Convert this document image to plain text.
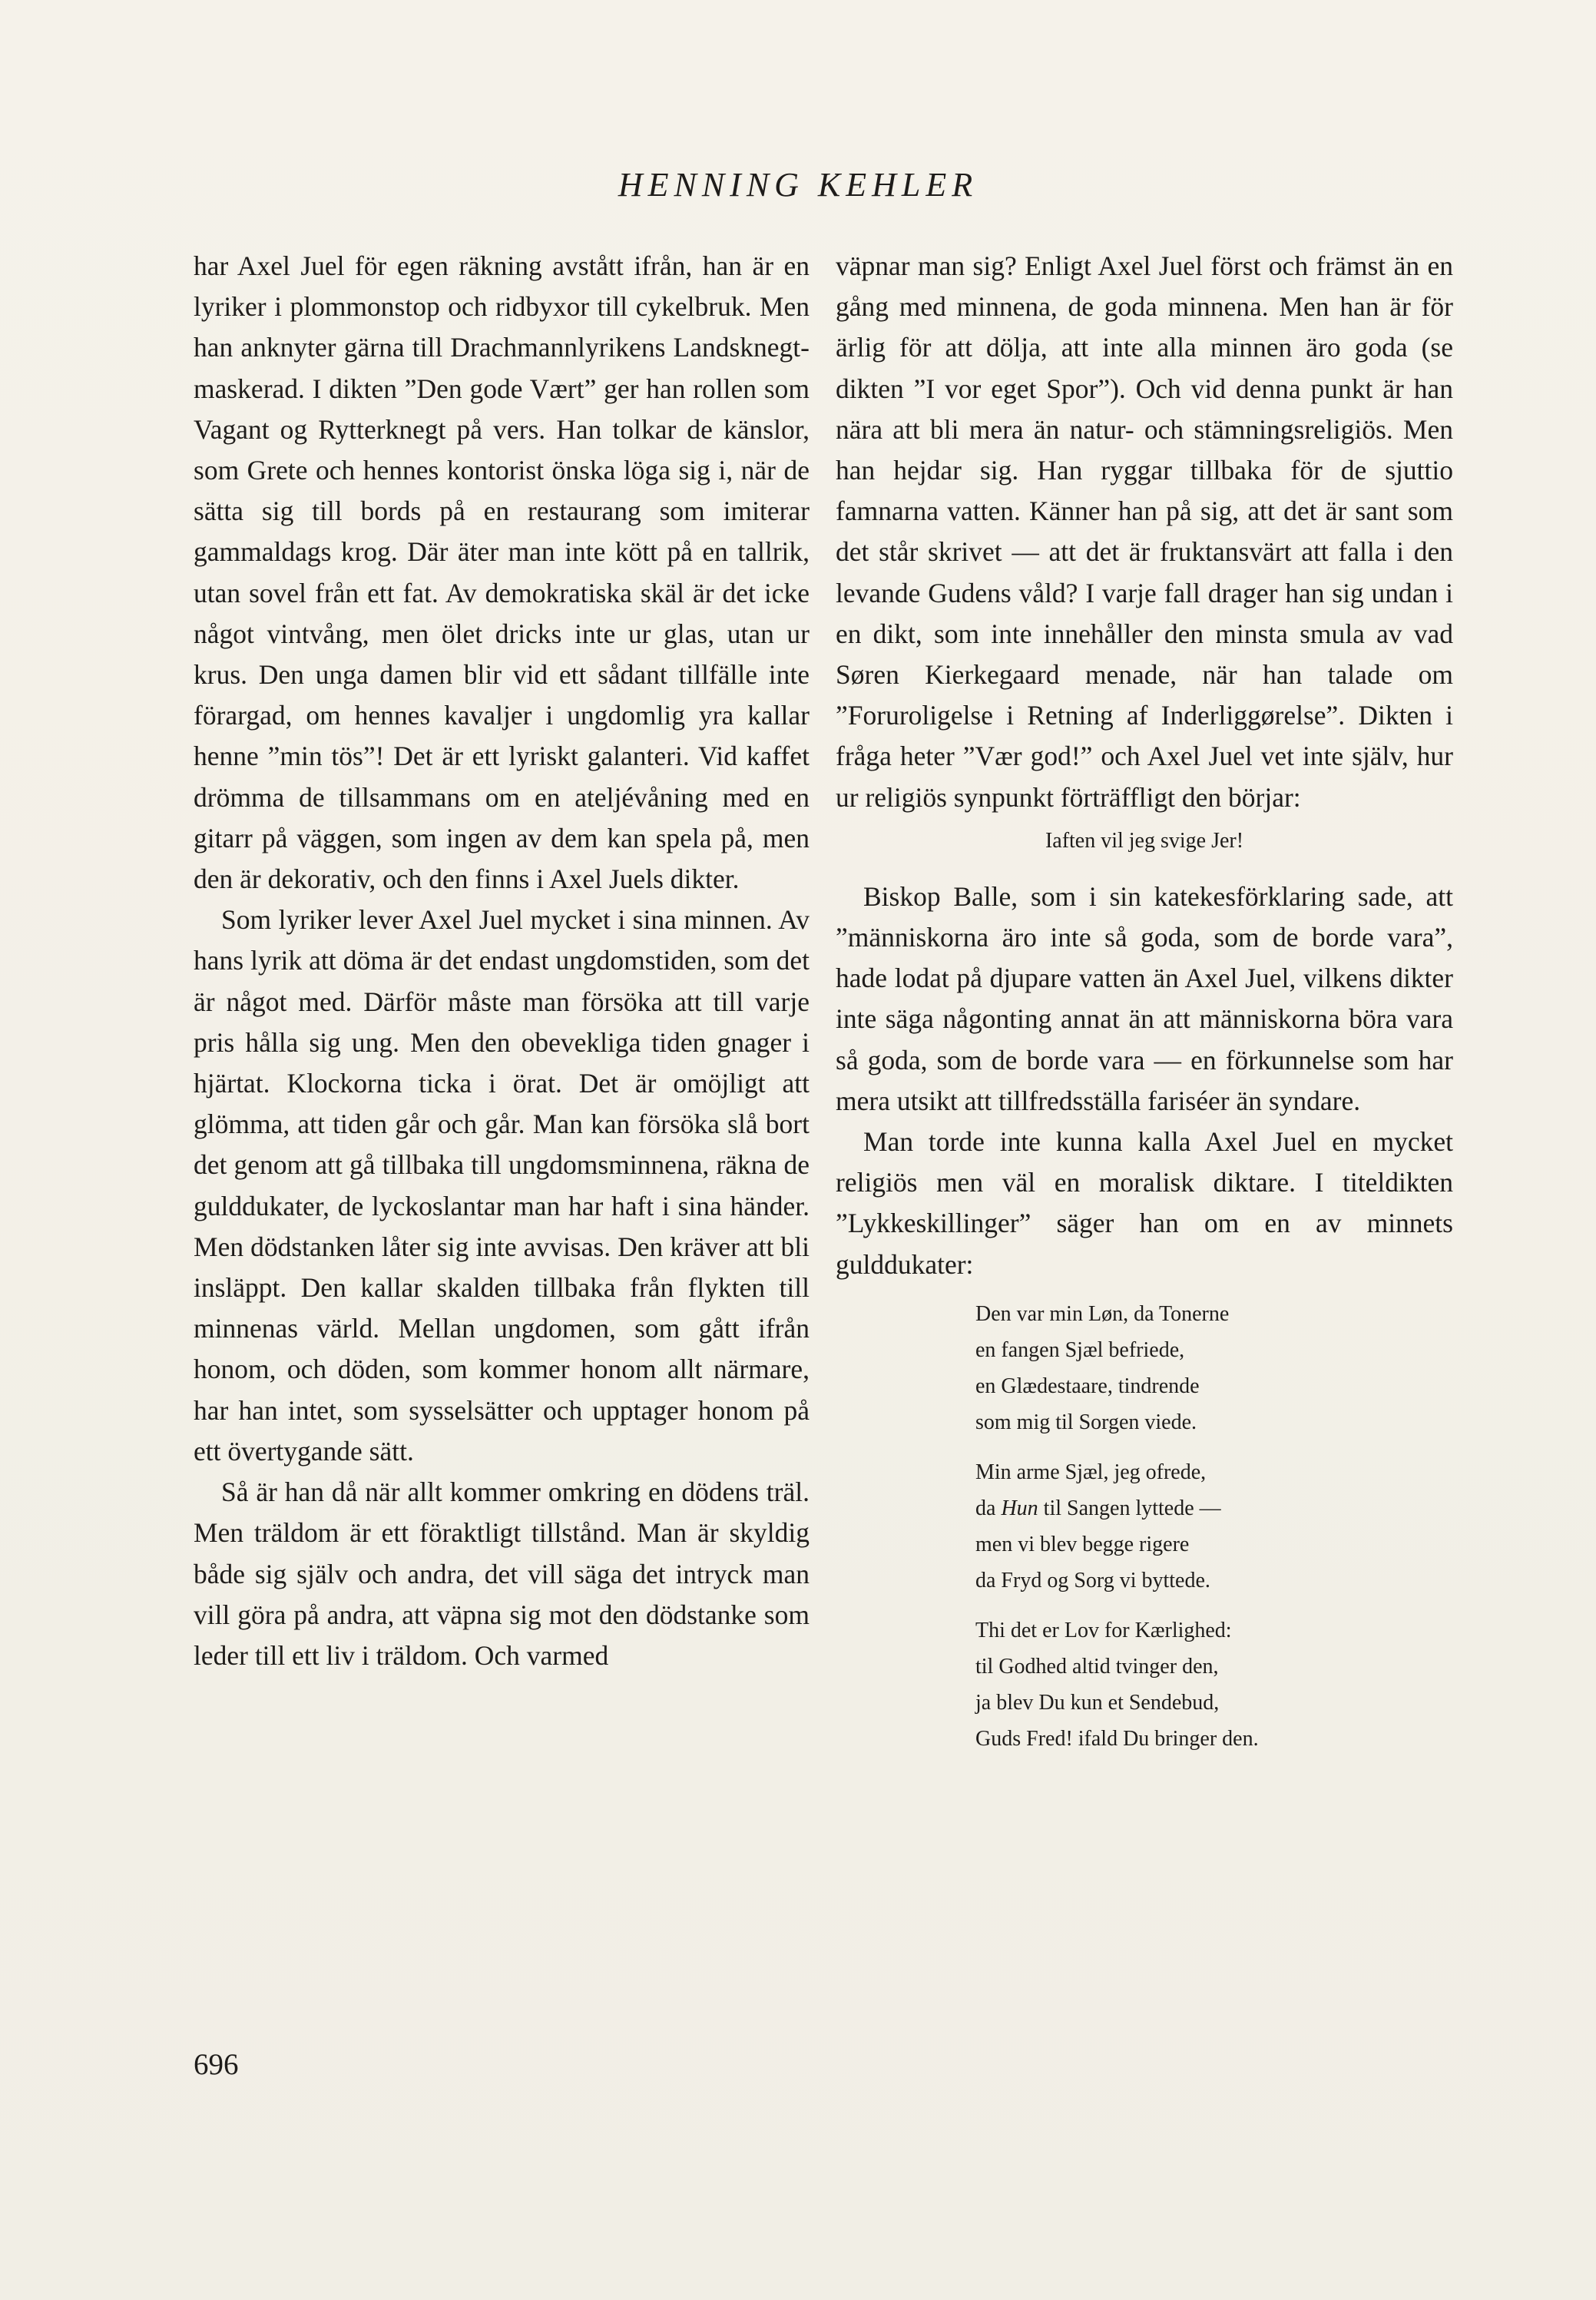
HENNING KEHLER

har Axel Juel för egen räkning avstått ifrån, han är en lyriker i plommonstop och ridbyxor till cykelbruk. Men han anknyter gärna till Drachmannlyrikens Landsknegt-maskerad. I dikten ”Den gode Vært” ger han rollen som Vagant og Rytterknegt på vers. Han tolkar de känslor, som Grete och hennes kontorist önska löga sig i, när de sätta sig till bords på en restaurang som imiterar gammaldags krog. Där äter man inte kött på en tallrik, utan sovel från ett fat. Av demokratiska skäl är det icke något vintvång, men ölet dricks inte ur glas, utan ur krus. Den unga damen blir vid ett sådant tillfälle inte förargad, om hennes kavaljer i ungdomlig yra kallar henne ”min tös”! Det är ett lyriskt galanteri. Vid kaffet drömma de tillsammans om en ateljévåning med en gitarr på väggen, som ingen av dem kan spela på, men den är dekorativ, och den finns i Axel Juels dikter.

Som lyriker lever Axel Juel mycket i sina minnen. Av hans lyrik att döma är det endast ungdomstiden, som det är något med. Därför måste man försöka att till varje pris hålla sig ung. Men den obevekliga tiden gnager i hjärtat. Klockorna ticka i örat. Det är omöjligt att glömma, att tiden går och går. Man kan försöka slå bort det genom att gå tillbaka till ungdomsminnena, räkna de gulddukater, de lyckoslantar man har haft i sina händer. Men dödstanken låter sig inte avvisas. Den kräver att bli insläppt. Den kallar skalden tillbaka från flykten till minnenas värld. Mellan ungdomen, som gått ifrån honom, och döden, som kommer honom allt närmare, har han intet, som sysselsätter och upptager honom på ett övertygande sätt.

Så är han då när allt kommer omkring en dödens träl. Men träldom är ett föraktligt tillstånd. Man är skyldig både sig själv och andra, det vill säga det intryck man vill göra på andra, att väpna sig mot den dödstanke som leder till ett liv i träldom. Och varmed

väpnar man sig? Enligt Axel Juel först och främst än en gång med minnena, de goda minnena. Men han är för ärlig för att dölja, att inte alla minnen äro goda (se dikten ”I vor eget Spor”). Och vid denna punkt är han nära att bli mera än natur- och stämningsreligiös. Men han hejdar sig. Han ryggar tillbaka för de sjuttio famnarna vatten. Känner han på sig, att det är sant som det står skrivet — att det är fruktansvärt att falla i den levande Gudens våld? I varje fall drager han sig undan i en dikt, som inte innehåller den minsta smula av vad Søren Kierkegaard menade, när han talade om ”Foruroligelse i Retning af Inderliggørelse”. Dikten i fråga heter ”Vær god!” och Axel Juel vet inte själv, hur ur religiös synpunkt förträffligt den börjar:

Iaften vil jeg svige Jer!

Biskop Balle, som i sin katekesförklaring sade, att ”människorna äro inte så goda, som de borde vara”, hade lodat på djupare vatten än Axel Juel, vilkens dikter inte säga någonting annat än att människorna böra vara så goda, som de borde vara — en förkunnelse som har mera utsikt att tillfredsställa fariséer än syndare.

Man torde inte kunna kalla Axel Juel en mycket religiös men väl en moralisk diktare. I titeldikten ”Lykkeskillinger” säger han om en av minnets gulddukater:

Den var min Løn, da Tonerne
en fangen Sjæl befriede,
en Glædestaare, tindrende
som mig til Sorgen viede.
Min arme Sjæl, jeg ofrede,
da Hun til Sangen lyttede —
men vi blev begge rigere
da Fryd og Sorg vi byttede.
Thi det er Lov for Kærlighed:
til Godhed altid tvinger den,
ja blev Du kun et Sendebud,
Guds Fred! ifald Du bringer den.
696
